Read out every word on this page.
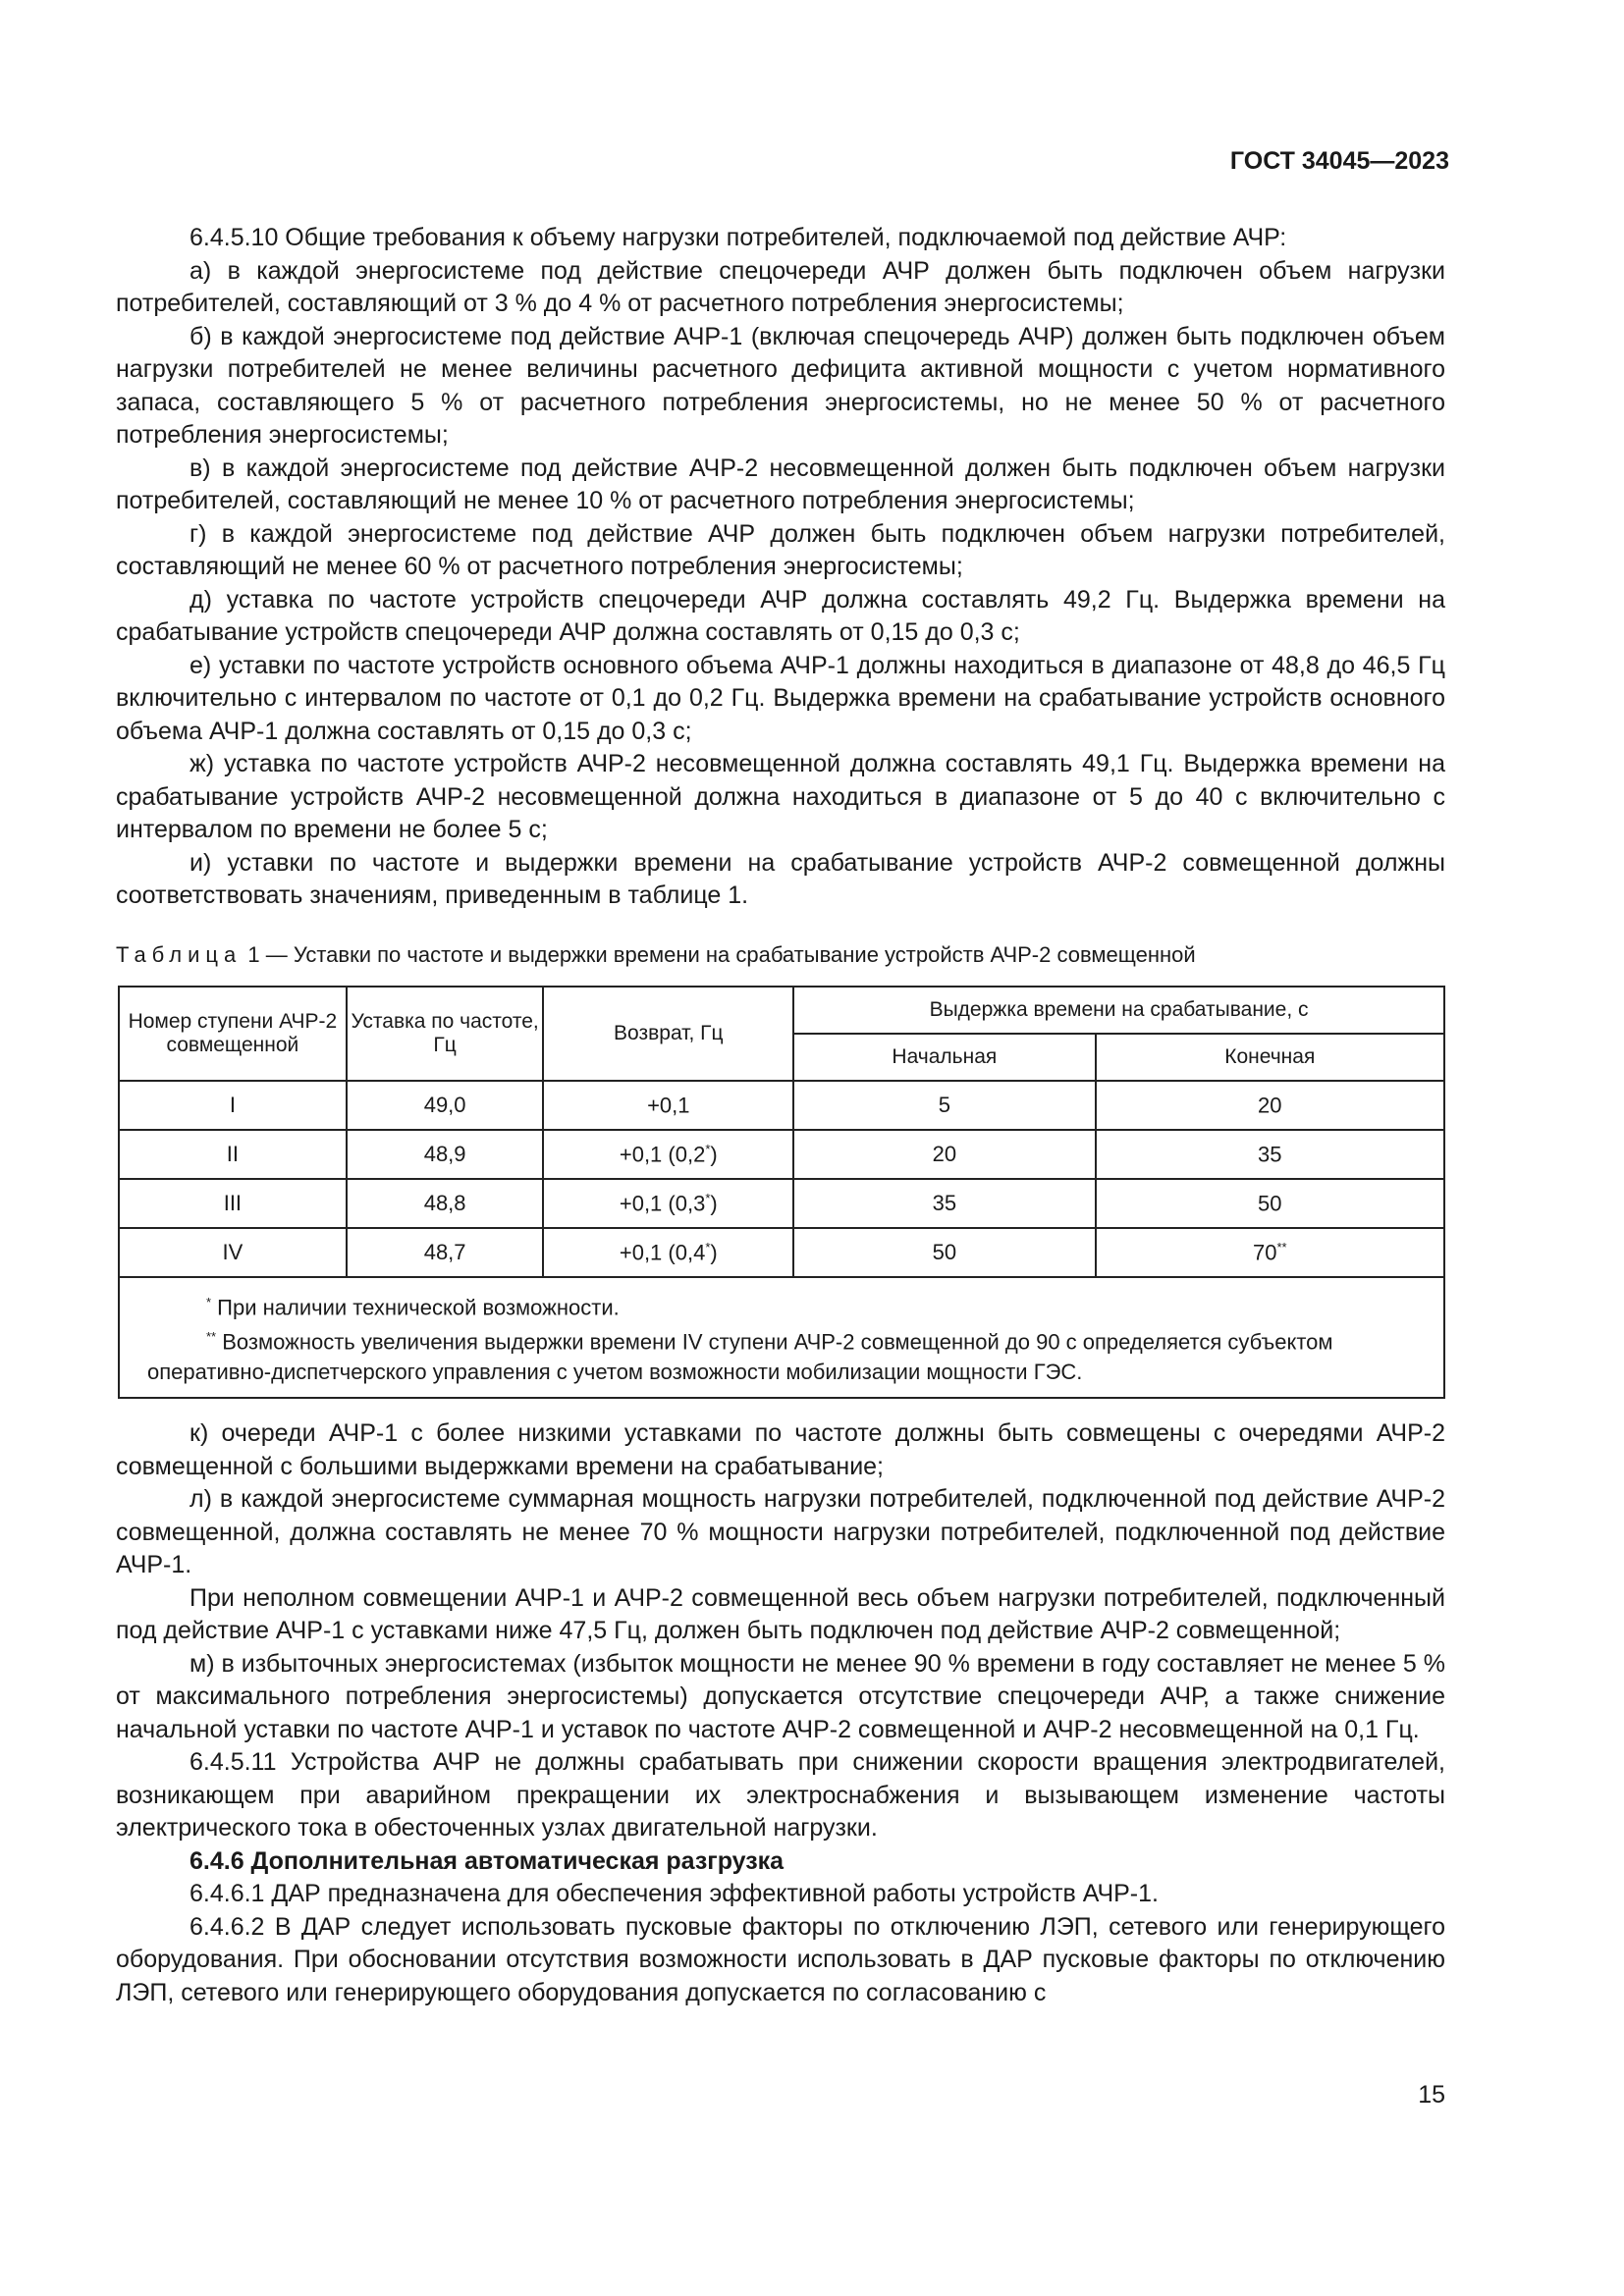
ГОСТ 34045—2023

6.4.5.10 Общие требования к объему нагрузки потребителей, подключаемой под действие АЧР:

а) в каждой энергосистеме под действие спецочереди АЧР должен быть подключен объем нагрузки потребителей, составляющий от 3 % до 4 % от расчетного потребления энергосистемы;

б) в каждой энергосистеме под действие АЧР-1 (включая спецочередь АЧР) должен быть подключен объем нагрузки потребителей не менее величины расчетного дефицита активной мощности с учетом нормативного запаса, составляющего 5 % от расчетного потребления энергосистемы, но не менее 50 % от расчетного потребления энергосистемы;

в) в каждой энергосистеме под действие АЧР-2 несовмещенной должен быть подключен объем нагрузки потребителей, составляющий не менее 10 % от расчетного потребления энергосистемы;

г) в каждой энергосистеме под действие АЧР должен быть подключен объем нагрузки потребителей, составляющий не менее 60 % от расчетного потребления энергосистемы;

д) уставка по частоте устройств спецочереди АЧР должна составлять 49,2 Гц. Выдержка времени на срабатывание устройств спецочереди АЧР должна составлять от 0,15 до 0,3 с;

е) уставки по частоте устройств основного объема АЧР-1 должны находиться в диапазоне от 48,8 до 46,5 Гц включительно с интервалом по частоте от 0,1 до 0,2 Гц. Выдержка времени на срабатывание устройств основного объема АЧР-1 должна составлять от 0,15 до 0,3 с;

ж) уставка по частоте устройств АЧР-2 несовмещенной должна составлять 49,1 Гц. Выдержка времени на срабатывание устройств АЧР-2 несовмещенной должна находиться в диапазоне от 5 до 40 с включительно с интервалом по времени не более 5 с;

и) уставки по частоте и выдержки времени на срабатывание устройств АЧР-2 совмещенной должны соответствовать значениям, приведенным в таблице 1.

Таблица 1 — Уставки по частоте и выдержки времени на срабатывание устройств АЧР-2 совмещенной
Номер ступени АЧР-2 совмещенной	Уставка по частоте, Гц	Возврат, Гц	Выдержка времени на срабатывание, с	
			Начальная	Конечная
I	49,0	+0,1	5	20
II	48,9	+0,1 (0,2*)	20	35
III	48,8	+0,1 (0,3*)	35	50
IV	48,7	+0,1 (0,4*)	50	70**

* При наличии технической возможности.

** Возможность увеличения выдержки времени IV ступени АЧР-2 совмещенной до 90 с определяется субъектом оперативно-диспетчерского управления с учетом возможности мобилизации мощности ГЭС.				

к) очереди АЧР-1 с более низкими уставками по частоте должны быть совмещены с очередями АЧР-2 совмещенной с большими выдержками времени на срабатывание;

л) в каждой энергосистеме суммарная мощность нагрузки потребителей, подключенной под действие АЧР-2 совмещенной, должна составлять не менее 70 % мощности нагрузки потребителей, подключенной под действие АЧР-1.

При неполном совмещении АЧР-1 и АЧР-2 совмещенной весь объем нагрузки потребителей, подключенный под действие АЧР-1 с уставками ниже 47,5 Гц, должен быть подключен под действие АЧР-2 совмещенной;

м) в избыточных энергосистемах (избыток мощности не менее 90 % времени в году составляет не менее 5 % от максимального потребления энергосистемы) допускается отсутствие спецочереди АЧР, а также снижение начальной уставки по частоте АЧР-1 и уставок по частоте АЧР-2 совмещенной и АЧР-2 несовмещенной на 0,1 Гц.

6.4.5.11 Устройства АЧР не должны срабатывать при снижении скорости вращения электродвигателей, возникающем при аварийном прекращении их электроснабжения и вызывающем изменение частоты электрического тока в обесточенных узлах двигательной нагрузки.

6.4.6 Дополнительная автоматическая разгрузка

6.4.6.1 ДАР предназначена для обеспечения эффективной работы устройств АЧР-1.

6.4.6.2 В ДАР следует использовать пусковые факторы по отключению ЛЭП, сетевого или генерирующего оборудования. При обосновании отсутствия возможности использовать в ДАР пусковые факторы по отключению ЛЭП, сетевого или генерирующего оборудования допускается по согласованию с

15
